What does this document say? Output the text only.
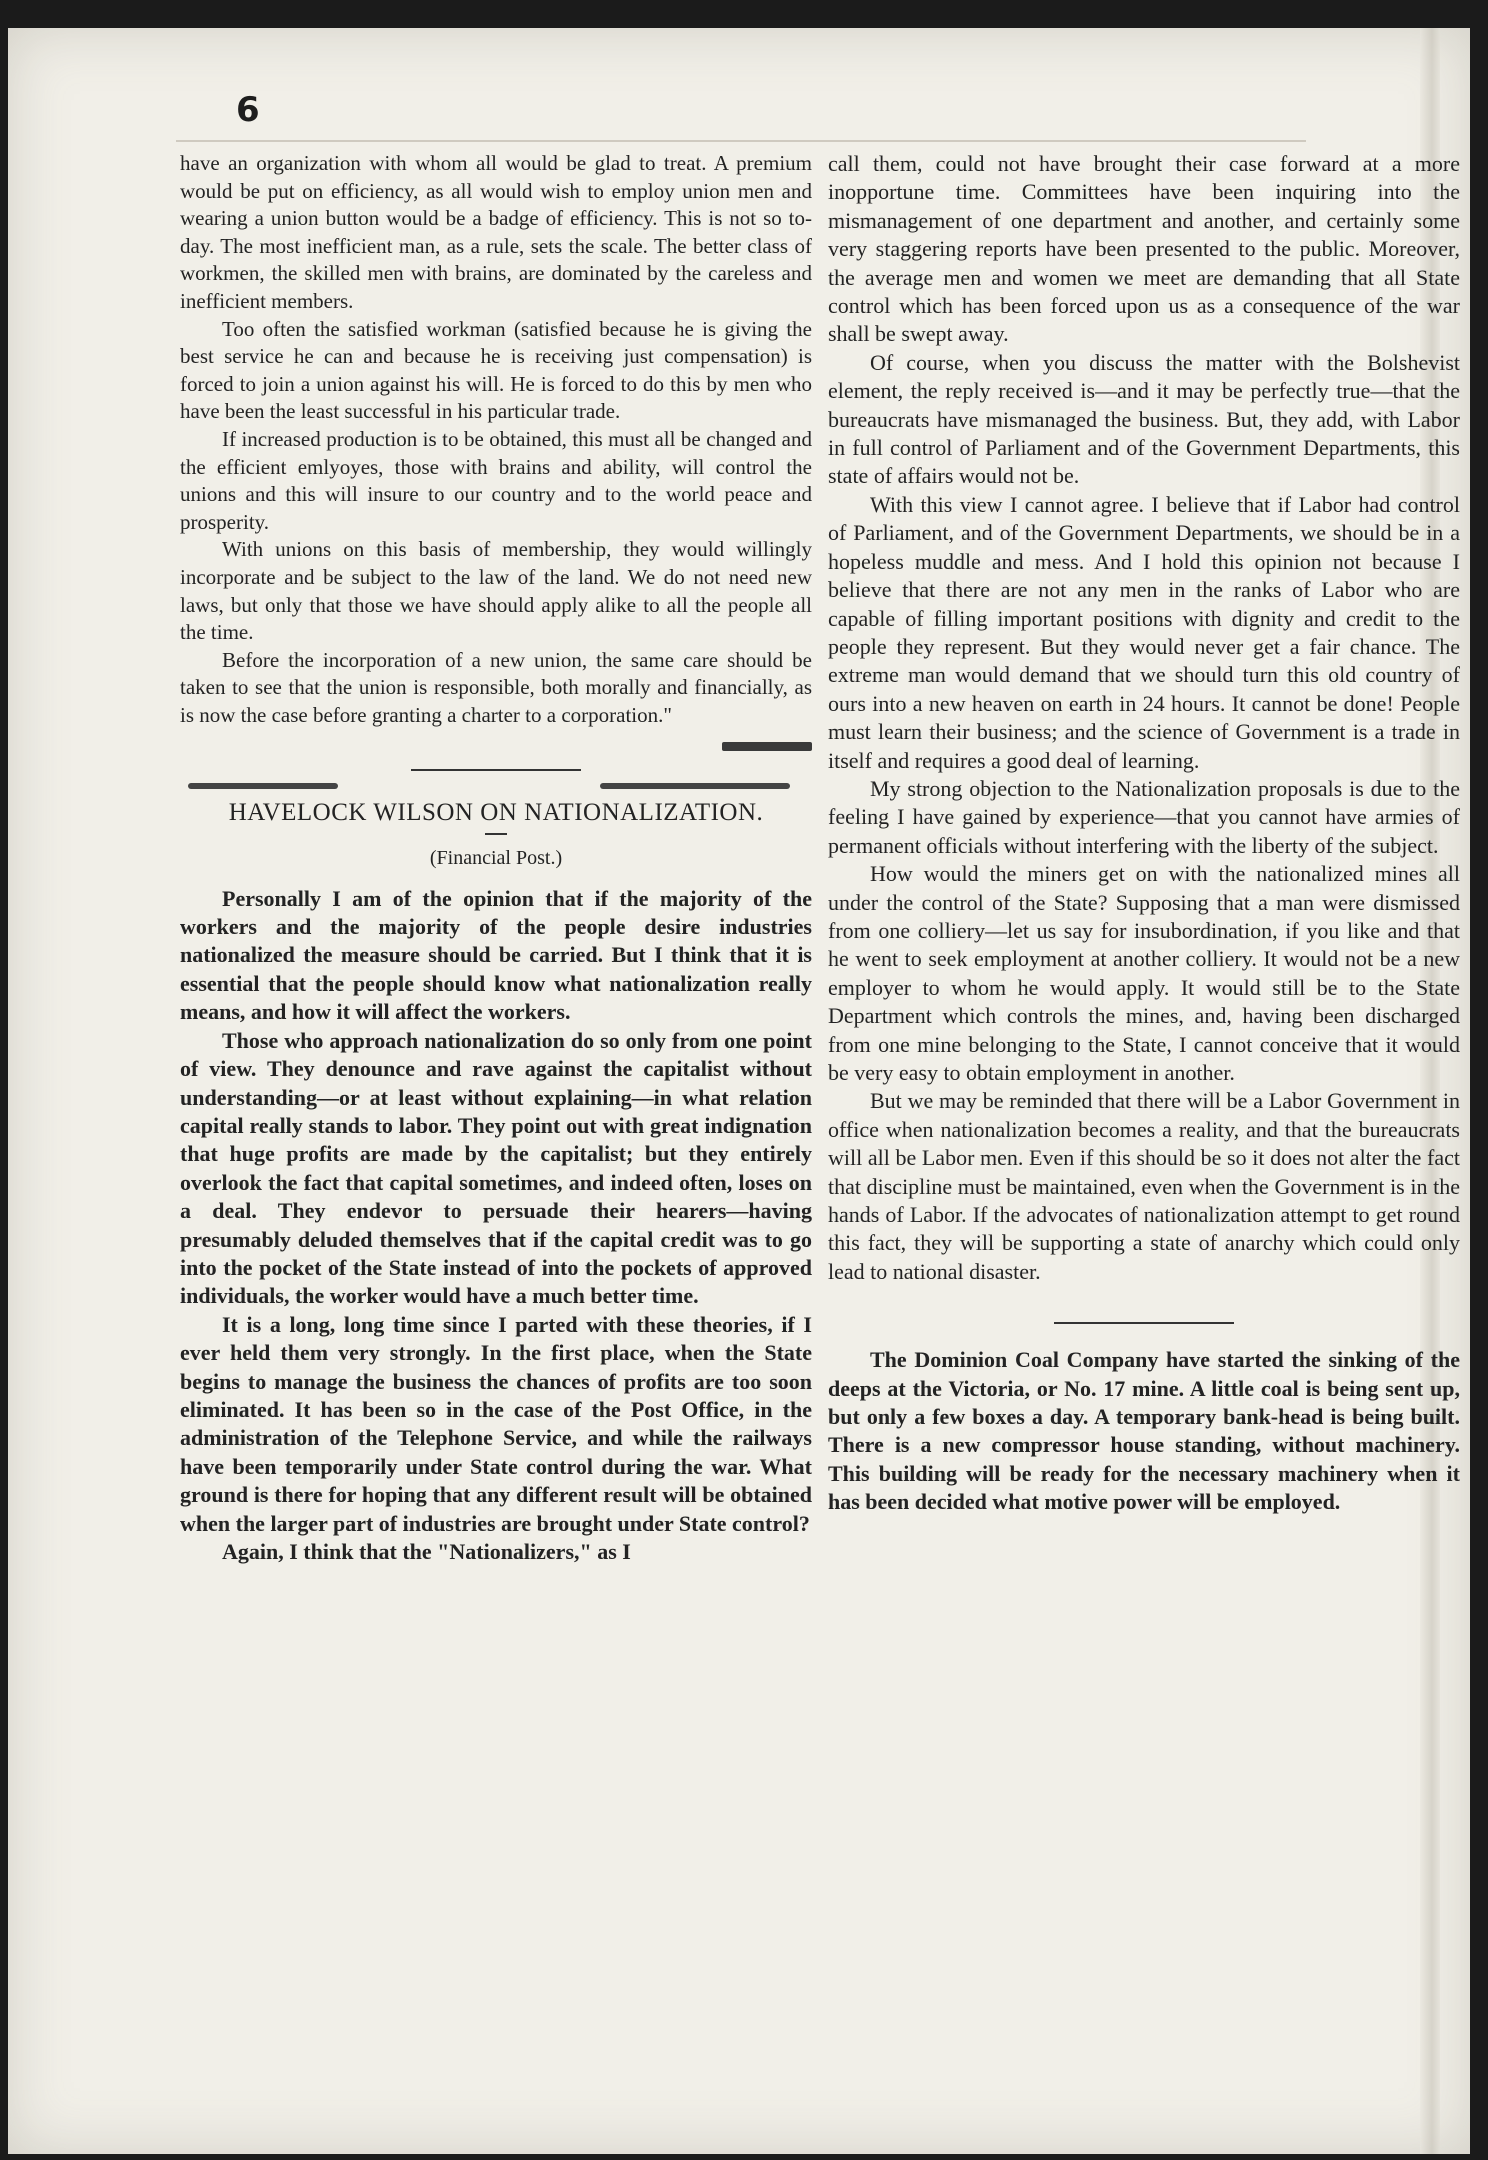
6

have an organization with whom all would be glad to treat. A premium would be put on efficiency, as all would wish to employ union men and wearing a union button would be a badge of efficiency. This is not so to-day. The most inefficient man, as a rule, sets the scale. The better class of workmen, the skilled men with brains, are dominated by the careless and inefficient members.

Too often the satisfied workman (satisfied because he is giving the best service he can and because he is receiving just compensation) is forced to join a union against his will. He is forced to do this by men who have been the least successful in his particular trade.

If increased production is to be obtained, this must all be changed and the efficient emlyoyes, those with brains and ability, will control the unions and this will insure to our country and to the world peace and prosperity.

With unions on this basis of membership, they would willingly incorporate and be subject to the law of the land. We do not need new laws, but only that those we have should apply alike to all the people all the time.

Before the incorporation of a new union, the same care should be taken to see that the union is responsible, both morally and financially, as is now the case before granting a charter to a corporation."

HAVELOCK WILSON ON NATIONALIZATION.
(Financial Post.)

Personally I am of the opinion that if the majority of the workers and the majority of the people desire industries nationalized the measure should be carried. But I think that it is essential that the people should know what nationalization really means, and how it will affect the workers.

Those who approach nationalization do so only from one point of view. They denounce and rave against the capitalist without understanding—or at least without explaining—in what relation capital really stands to labor. They point out with great indignation that huge profits are made by the capitalist; but they entirely overlook the fact that capital sometimes, and indeed often, loses on a deal. They endevor to persuade their hearers—having presumably deluded themselves that if the capital credit was to go into the pocket of the State instead of into the pockets of approved individuals, the worker would have a much better time.

It is a long, long time since I parted with these theories, if I ever held them very strongly. In the first place, when the State begins to manage the business the chances of profits are too soon eliminated. It has been so in the case of the Post Office, in the administration of the Telephone Service, and while the railways have been temporarily under State control during the war. What ground is there for hoping that any different result will be obtained when the larger part of industries are brought under State control?

Again, I think that the "Nationalizers," as I

call them, could not have brought their case forward at a more inopportune time. Committees have been inquiring into the mismanagement of one department and another, and certainly some very staggering reports have been presented to the public. Moreover, the average men and women we meet are demanding that all State control which has been forced upon us as a consequence of the war shall be swept away.

Of course, when you discuss the matter with the Bolshevist element, the reply received is—and it may be perfectly true—that the bureaucrats have mismanaged the business. But, they add, with Labor in full control of Parliament and of the Government Departments, this state of affairs would not be.

With this view I cannot agree. I believe that if Labor had control of Parliament, and of the Government Departments, we should be in a hopeless muddle and mess. And I hold this opinion not because I believe that there are not any men in the ranks of Labor who are capable of filling important positions with dignity and credit to the people they represent. But they would never get a fair chance. The extreme man would demand that we should turn this old country of ours into a new heaven on earth in 24 hours. It cannot be done! People must learn their business; and the science of Government is a trade in itself and requires a good deal of learning.

My strong objection to the Nationalization proposals is due to the feeling I have gained by experience—that you cannot have armies of permanent officials without interfering with the liberty of the subject.

How would the miners get on with the nationalized mines all under the control of the State? Supposing that a man were dismissed from one colliery—let us say for insubordination, if you like and that he went to seek employment at another colliery. It would not be a new employer to whom he would apply. It would still be to the State Department which controls the mines, and, having been discharged from one mine belonging to the State, I cannot conceive that it would be very easy to obtain employment in another.

But we may be reminded that there will be a Labor Government in office when nationalization becomes a reality, and that the bureaucrats will all be Labor men. Even if this should be so it does not alter the fact that discipline must be maintained, even when the Government is in the hands of Labor. If the advocates of nationalization attempt to get round this fact, they will be supporting a state of anarchy which could only lead to national disaster.

The Dominion Coal Company have started the sinking of the deeps at the Victoria, or No. 17 mine. A little coal is being sent up, but only a few boxes a day. A temporary bank-head is being built. There is a new compressor house standing, without machinery. This building will be ready for the necessary machinery when it has been decided what motive power will be employed.
